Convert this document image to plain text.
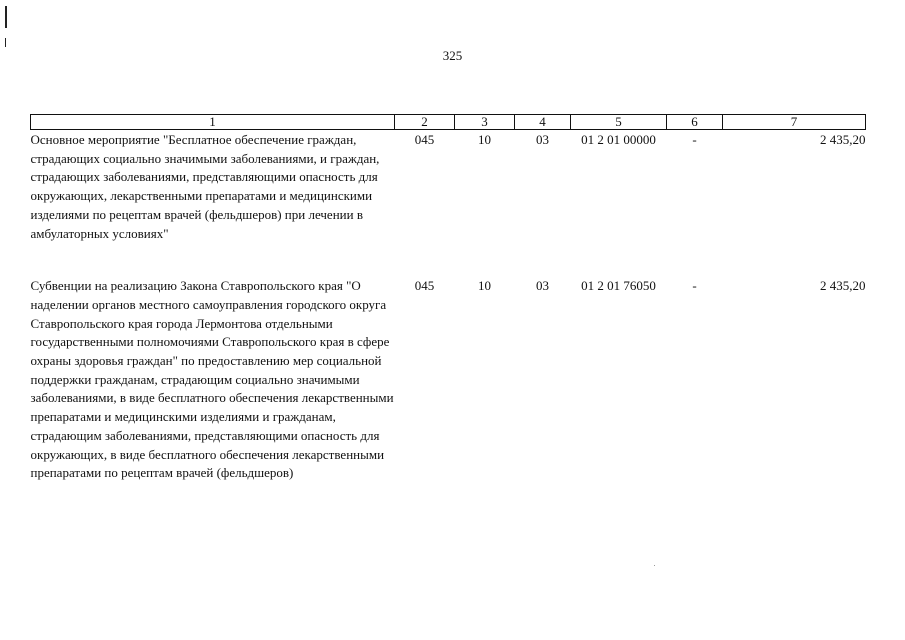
325
1	2	3	4	5	6	7
Основное мероприятие "Бесплатное обеспечение граждан, страдающих социально значимыми заболеваниями, и граждан, страдающих заболеваниями, представляющими опасность для окружающих, лекарственными препаратами и медицинскими изделиями по рецептам врачей (фельдшеров) при лечении в амбулаторных условиях"	045	10	03	01 2 01 00000	-	2 435,20
Субвенции на реализацию Закона Ставропольского края "О наделении органов местного самоуправления городского округа Ставропольского края города Лермонтова отдельными государственными полномочиями Ставропольского края в сфере охраны здоровья граждан" по предоставлению мер социальной поддержки гражданам, страдающим социально значимыми заболеваниями, в виде бесплатного обеспечения лекарственными препаратами и медицинскими изделиями и гражданам, страдающим заболеваниями, представляющими опасность для окружающих, в виде бесплатного обеспечения лекарственными препаратами по рецептам врачей (фельдшеров)	045	10	03	01 2 01 76050	-	2 435,20
